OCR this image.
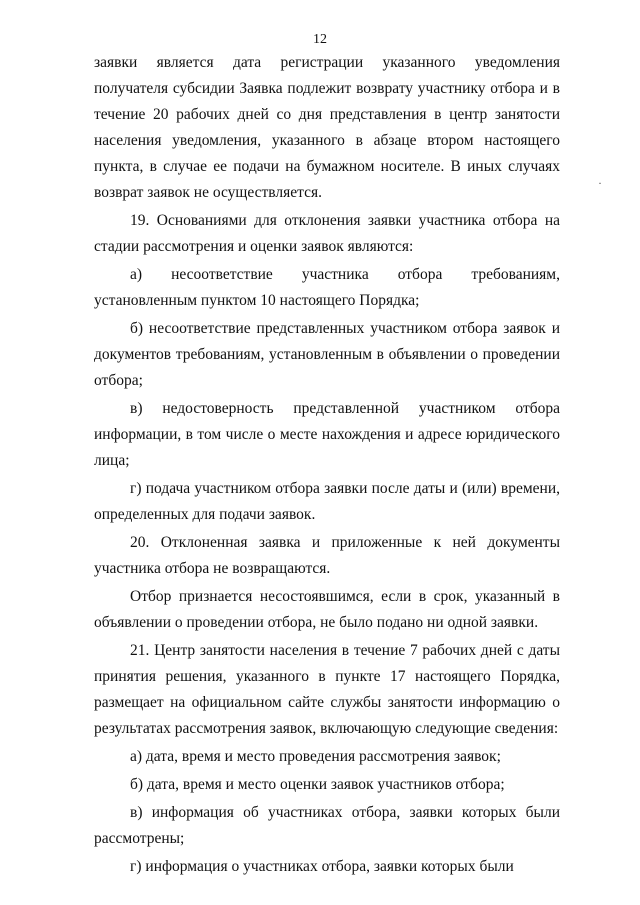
12
·

заявки является дата регистрации указанного уведомления получателя субсидии Заявка подлежит возврату участнику отбора и в течение 20 рабочих дней со дня представления в центр занятости населения уведомления, указанного в абзаце втором настоящего пункта, в случае ее подачи на бумажном носителе. В иных случаях возврат заявок не осуществляется.

19. Основаниями для отклонения заявки участника отбора на стадии рассмотрения и оценки заявок являются:

а) несоответствие участника отбора требованиям, установленным пунктом 10 настоящего Порядка;

б) несоответствие представленных участником отбора заявок и документов требованиям, установленным в объявлении о проведении отбора;

в) недостоверность представленной участником отбора информации, в том числе о месте нахождения и адресе юридического лица;

г) подача участником отбора заявки после даты и (или) времени, определенных для подачи заявок.

20. Отклоненная заявка и приложенные к ней документы участника отбора не возвращаются.

Отбор признается несостоявшимся, если в срок, указанный в объявлении о проведении отбора, не было подано ни одной заявки.

21. Центр занятости населения в течение 7 рабочих дней с даты принятия решения, указанного в пункте 17 настоящего Порядка, размещает на официальном сайте службы занятости информацию о результатах рассмотрения заявок, включающую следующие сведения:

а) дата, время и место проведения рассмотрения заявок;

б) дата, время и место оценки заявок участников отбора;

в) информация об участниках отбора, заявки которых были рассмотрены;

г) информация о участниках отбора, заявки которых были
